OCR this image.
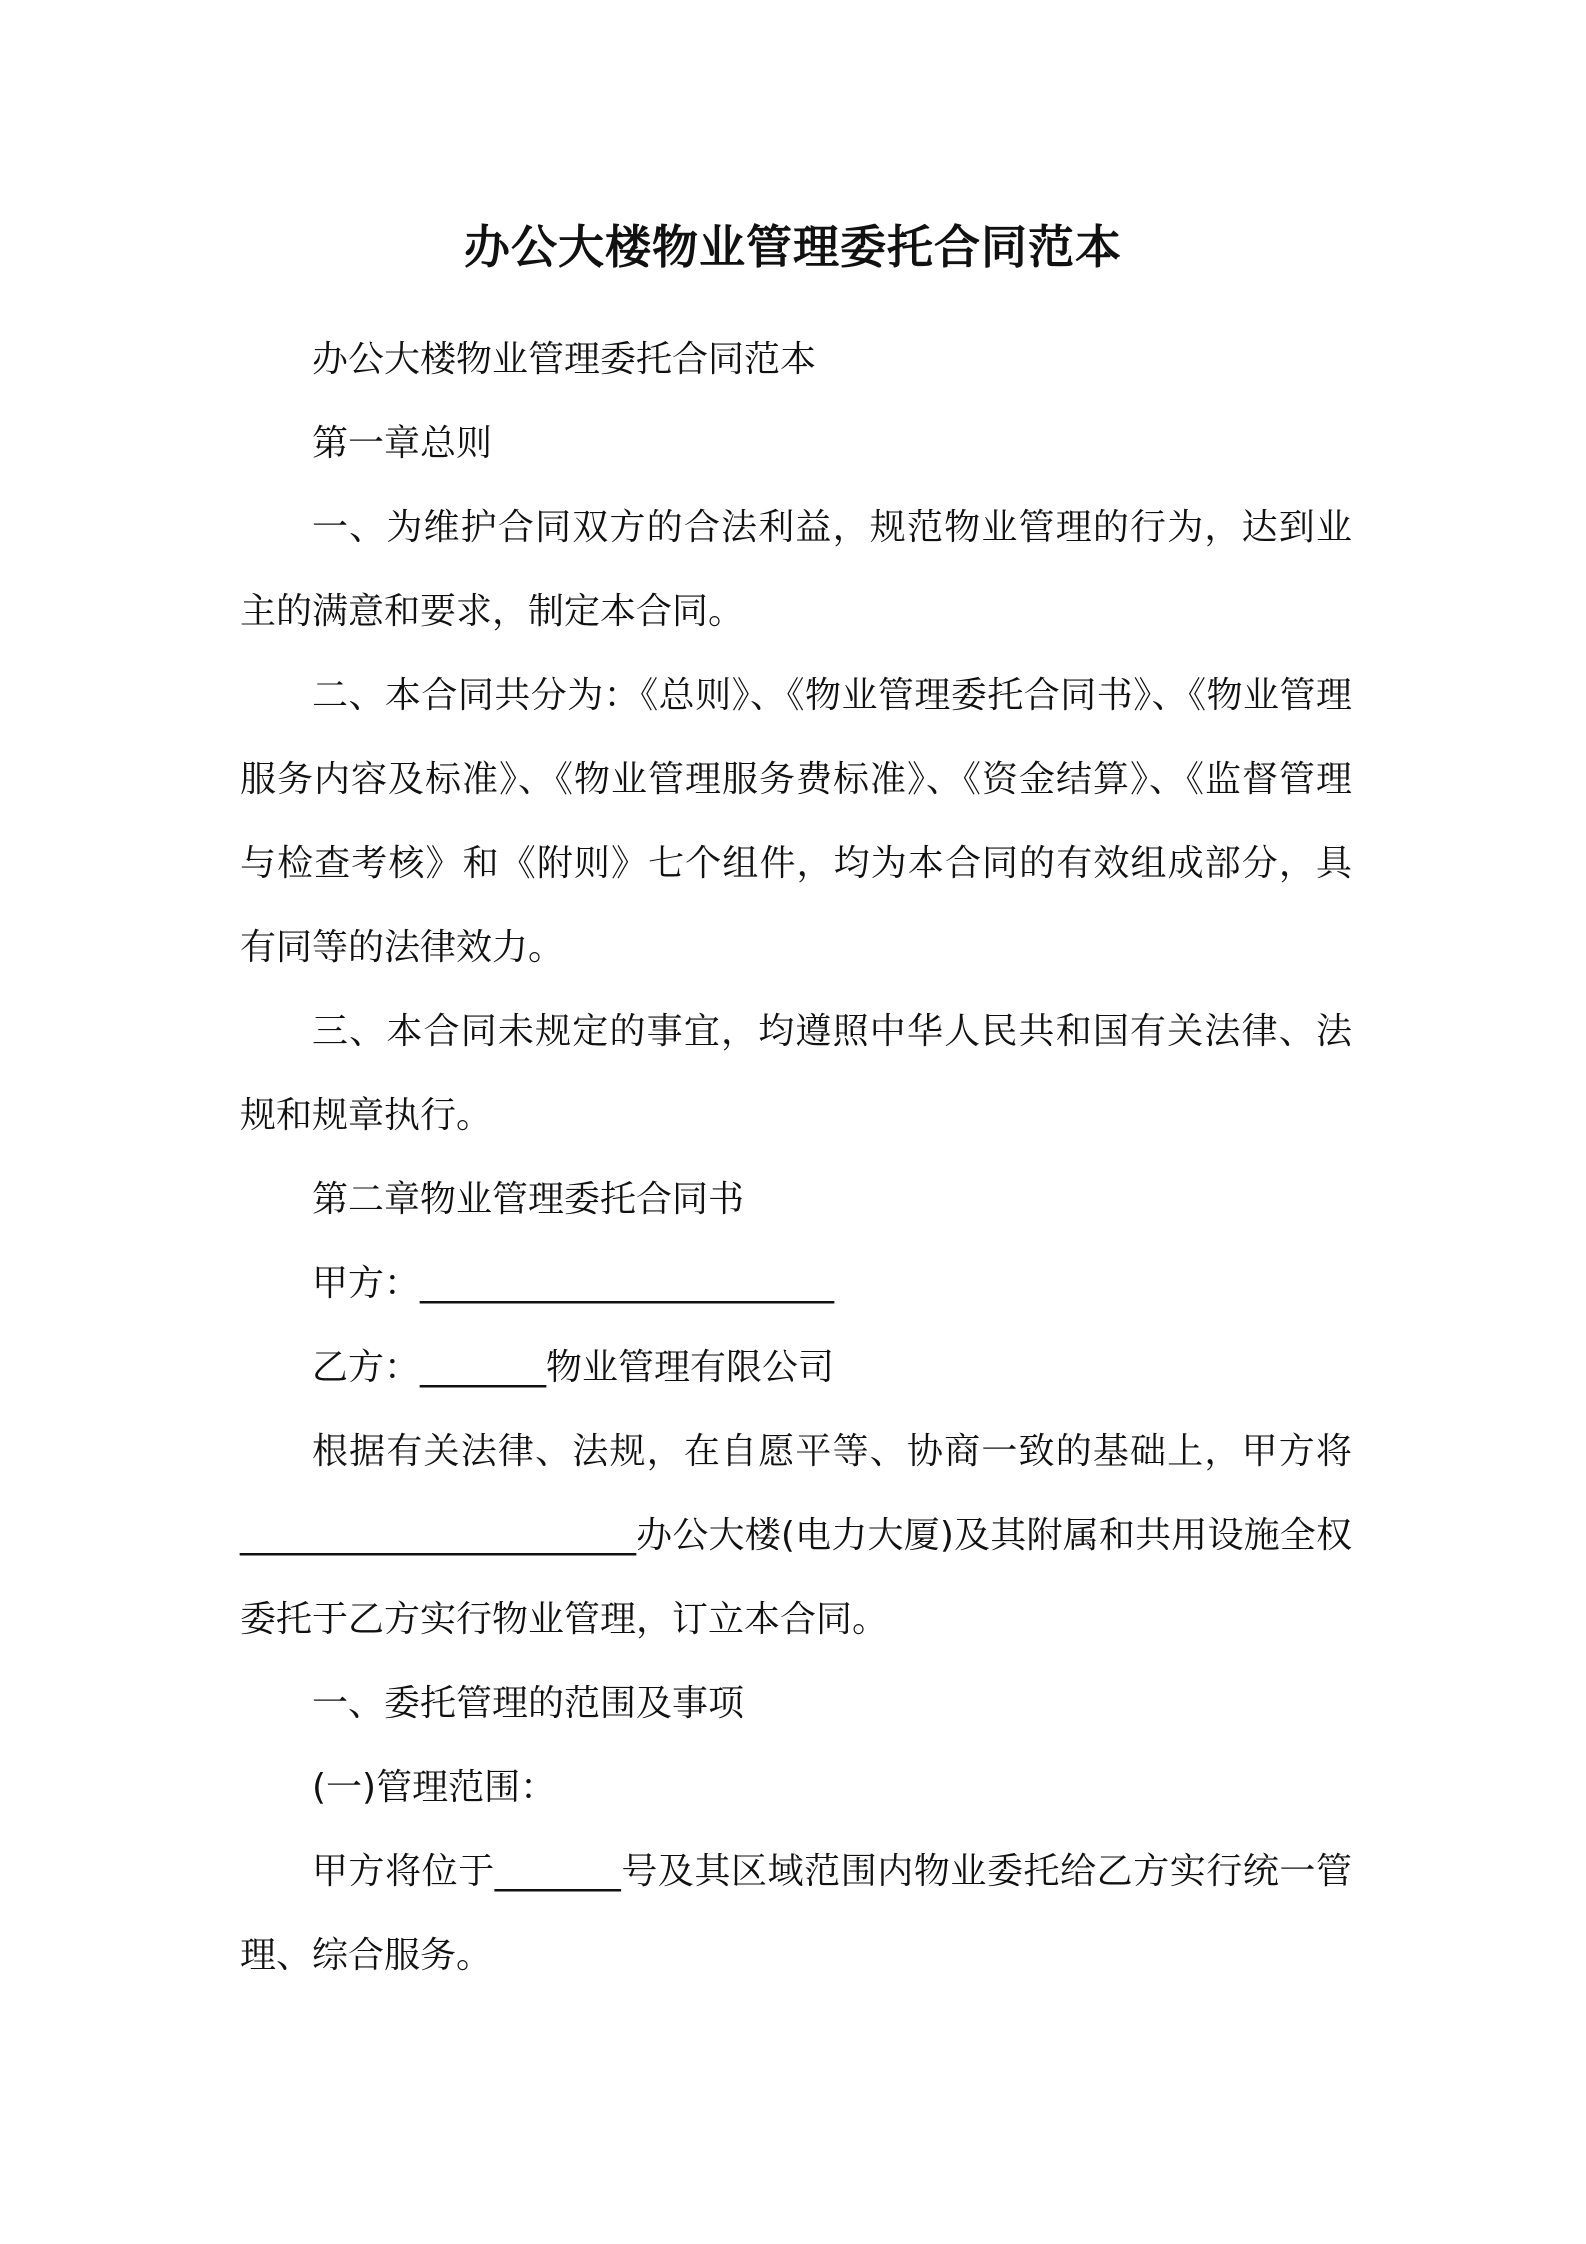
办公大楼物业管理委托合同范本

办公大楼物业管理委托合同范本

第一章总则

一、为维护合同双方的合法利益，规范物业管理的行为，达到业主的满意和要求，制定本合同。

二、本合同共分为：《总则》、《物业管理委托合同书》、《物业管理服务内容及标准》、《物业管理服务费标准》、《资金结算》、《监督管理与检查考核》和《附则》七个组件，均为本合同的有效组成部分，具有同等的法律效力。

三、本合同未规定的事宜，均遵照中华人民共和国有关法律、法规和规章执行。

第二章物业管理委托合同书

甲方：_______________________

乙方：_______物业管理有限公司

根据有关法律、法规，在自愿平等、协商一致的基础上，甲方将______________________办公大楼(电力大厦)及其附属和共用设施全权委托于乙方实行物业管理，订立本合同。

一、委托管理的范围及事项

(一)管理范围：

甲方将位于_______号及其区域范围内物业委托给乙方实行统一管理、综合服务。
